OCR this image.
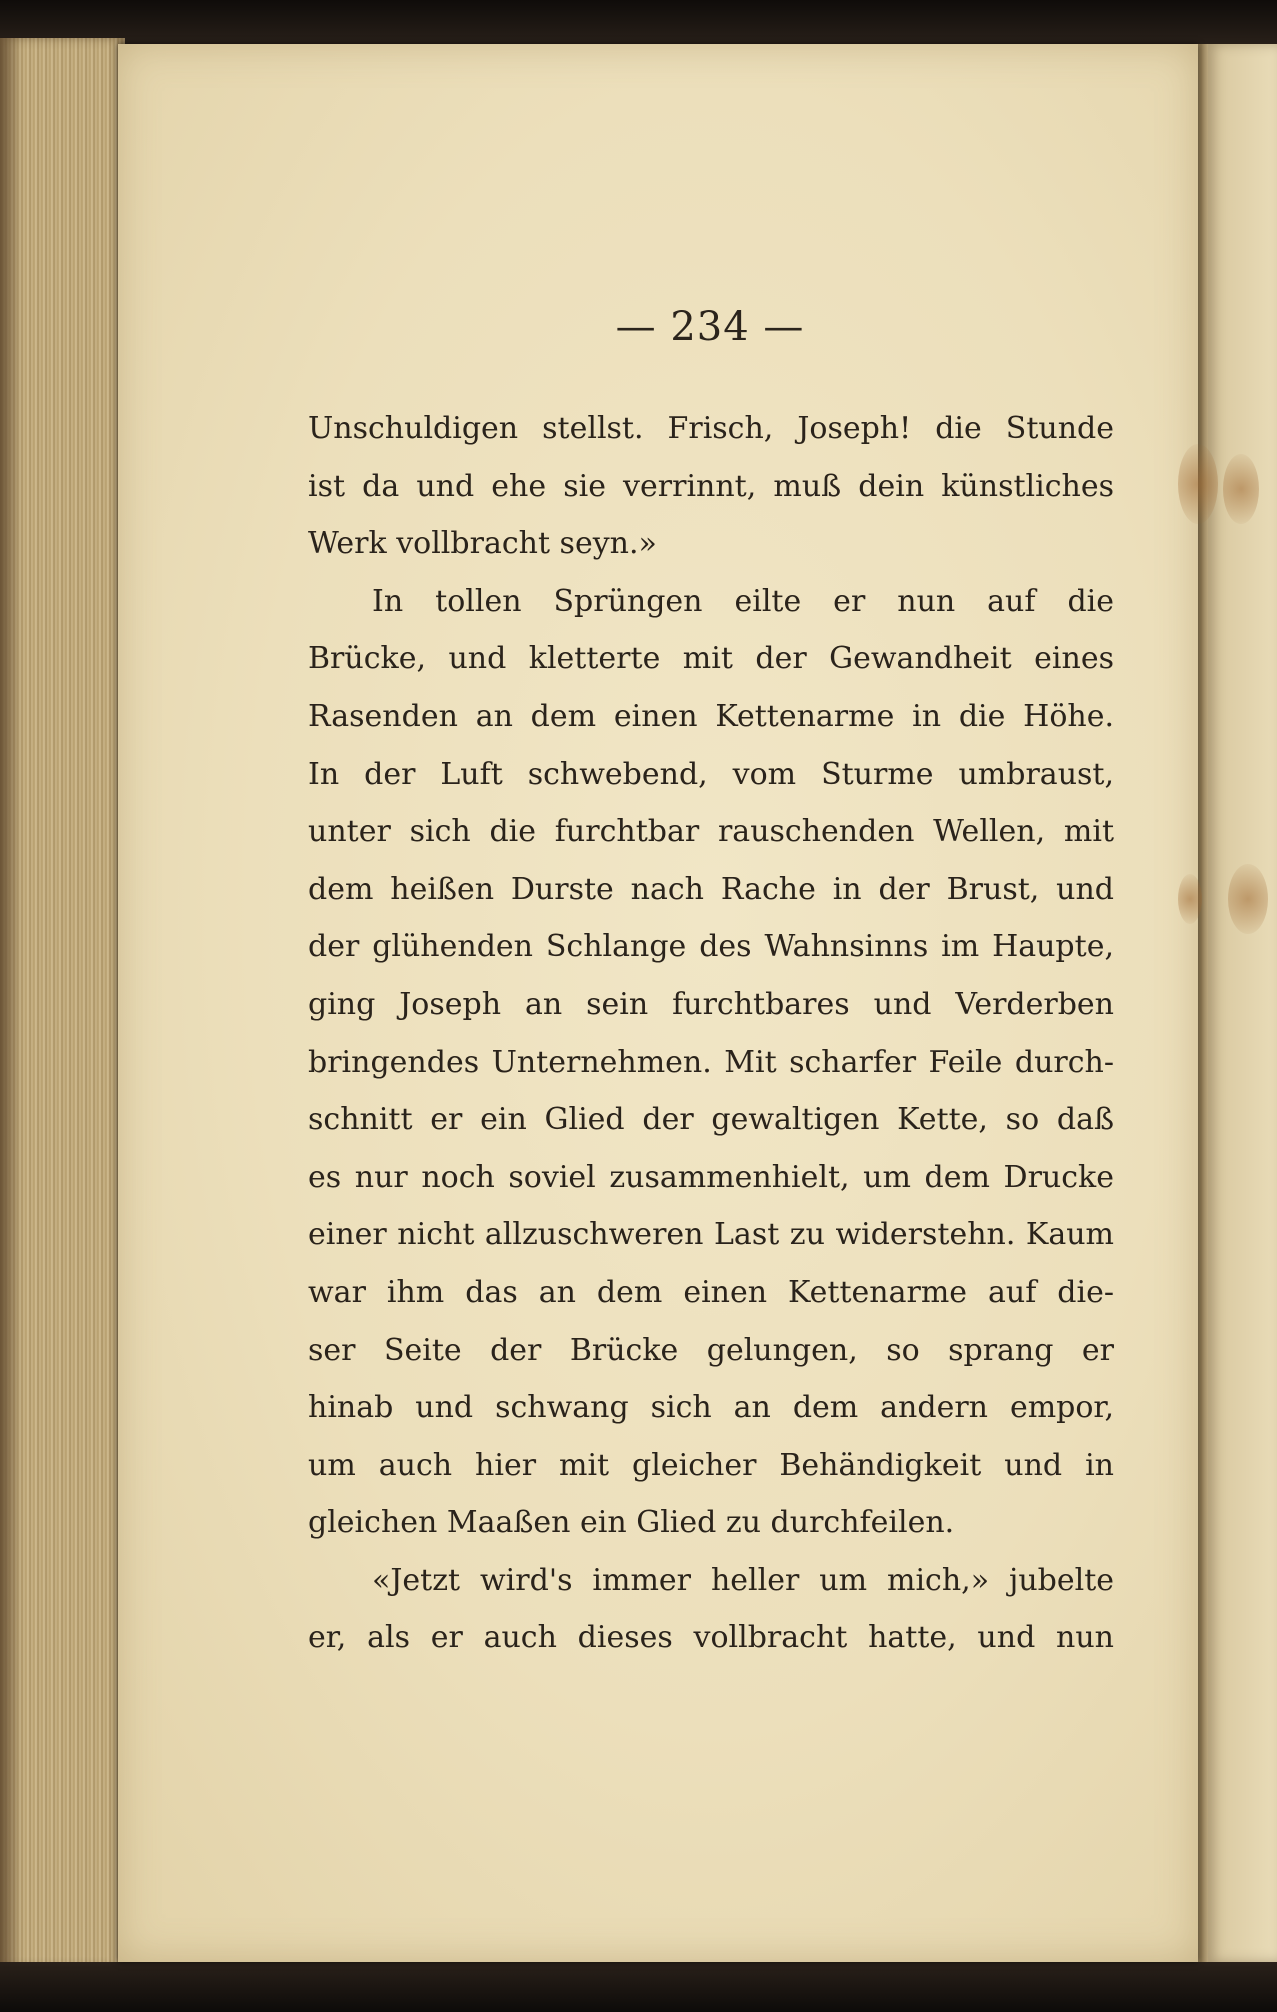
— 234 —
Unschuldigen stellst. Frisch, Joseph! die Stunde
ist da und ehe sie verrinnt, muß dein künstliches
Werk vollbracht seyn.»
In tollen Sprüngen eilte er nun auf die
Brücke, und kletterte mit der Gewandheit eines
Rasenden an dem einen Kettenarme in die Höhe.
In der Luft schwebend, vom Sturme umbraust,
unter sich die furchtbar rauschenden Wellen, mit
dem heißen Durste nach Rache in der Brust, und
der glühenden Schlange des Wahnsinns im Haupte,
ging Joseph an sein furchtbares und Verderben
bringendes Unternehmen. Mit scharfer Feile durch-
schnitt er ein Glied der gewaltigen Kette, so daß
es nur noch soviel zusammenhielt, um dem Drucke
einer nicht allzuschweren Last zu widerstehn. Kaum
war ihm das an dem einen Kettenarme auf die-
ser Seite der Brücke gelungen, so sprang er
hinab und schwang sich an dem andern empor,
um auch hier mit gleicher Behändigkeit und in
gleichen Maaßen ein Glied zu durchfeilen.
«Jetzt wird's immer heller um mich,» jubelte
er, als er auch dieses vollbracht hatte, und nun
